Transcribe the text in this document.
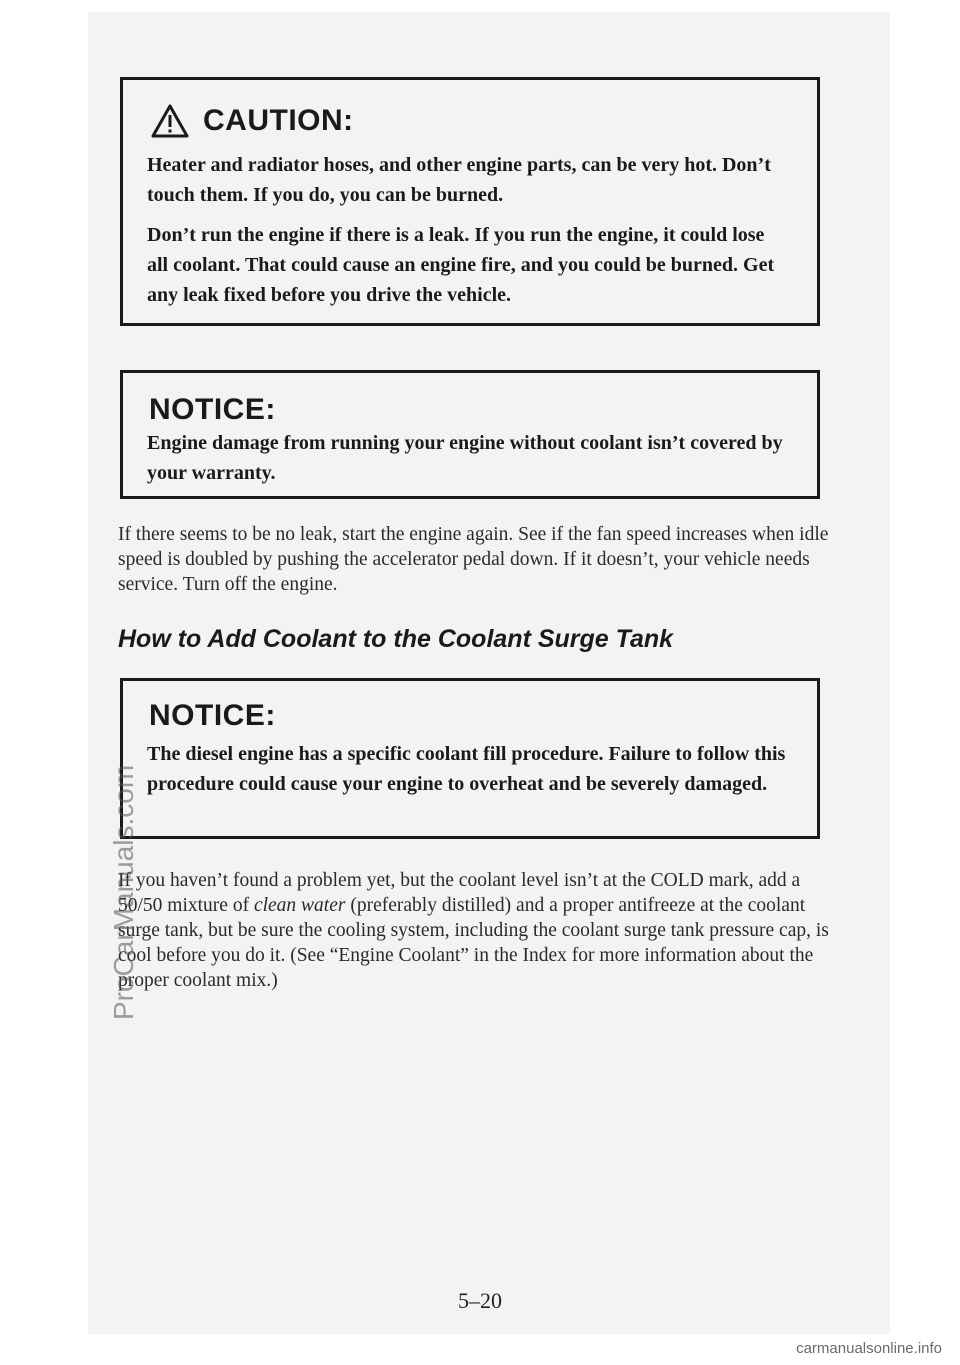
CAUTION:
Heater and radiator hoses, and other engine parts, can be very hot. Don’t touch them. If you do, you can be burned.
Don’t run the engine if there is a leak. If you run the engine, it could lose all coolant. That could cause an engine fire, and you could be burned. Get any leak fixed before you drive the vehicle.
NOTICE:
Engine damage from running your engine without coolant isn’t covered by your warranty.
If there seems to be no leak, start the engine again. See if the fan speed increases when idle speed is doubled by pushing the accelerator pedal down. If it doesn’t, your vehicle needs service. Turn off the engine.
How to Add Coolant to the Coolant Surge Tank
NOTICE:
The diesel engine has a specific coolant fill procedure. Failure to follow this procedure could cause your engine to overheat and be severely damaged.
If you haven’t found a problem yet, but the coolant level isn’t at the COLD mark, add a 50/50 mixture of clean water (preferably distilled) and a proper antifreeze at the coolant surge tank, but be sure the cooling system, including the coolant surge tank pressure cap, is cool before you do it. (See “Engine Coolant” in the Index for more information about the proper coolant mix.)
5–20
ProCarManuals.com
carmanualsonline.info
